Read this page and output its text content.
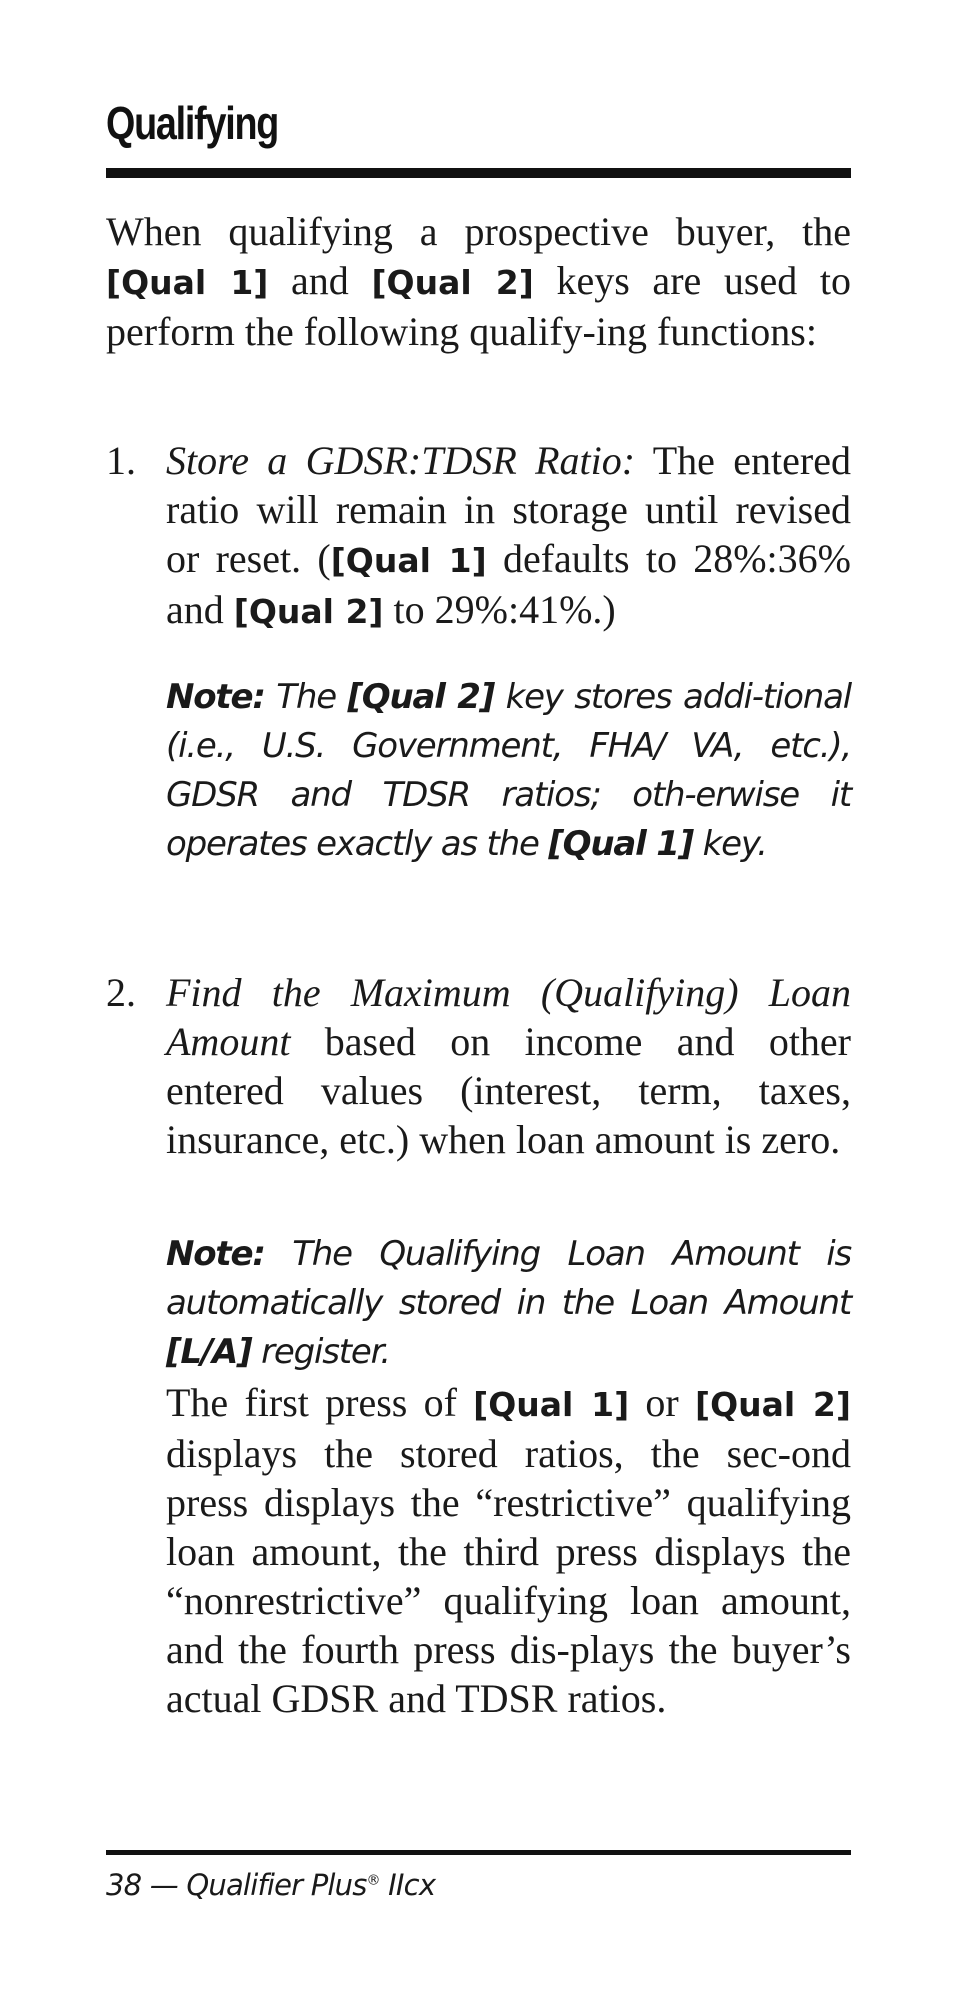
Qualifying
When qualifying a prospective buyer, the [Qual 1] and [Qual 2] keys are used to perform the following qualify-ing functions:
1. Store a GDSR:TDSR Ratio: The entered ratio will remain in storage until revised or reset. ([Qual 1] defaults to 28%:36% and [Qual 2] to 29%:41%.)
Note: The [Qual 2] key stores addi-tional (i.e., U.S. Government, FHA/ VA, etc.), GDSR and TDSR ratios; oth-erwise it operates exactly as the [Qual 1] key.
2. Find the Maximum (Qualifying) Loan Amount based on income and other entered values (interest, term, taxes, insurance, etc.) when loan amount is zero.
Note: The Qualifying Loan Amount is automatically stored in the Loan Amount [L/A] register.
The first press of [Qual 1] or [Qual 2] displays the stored ratios, the sec-ond press displays the “restrictive” qualifying loan amount, the third press displays the “nonrestrictive” qualifying loan amount, and the fourth press dis-plays the buyer’s actual GDSR and TDSR ratios.
38 — Qualifier Plus® IIcx
